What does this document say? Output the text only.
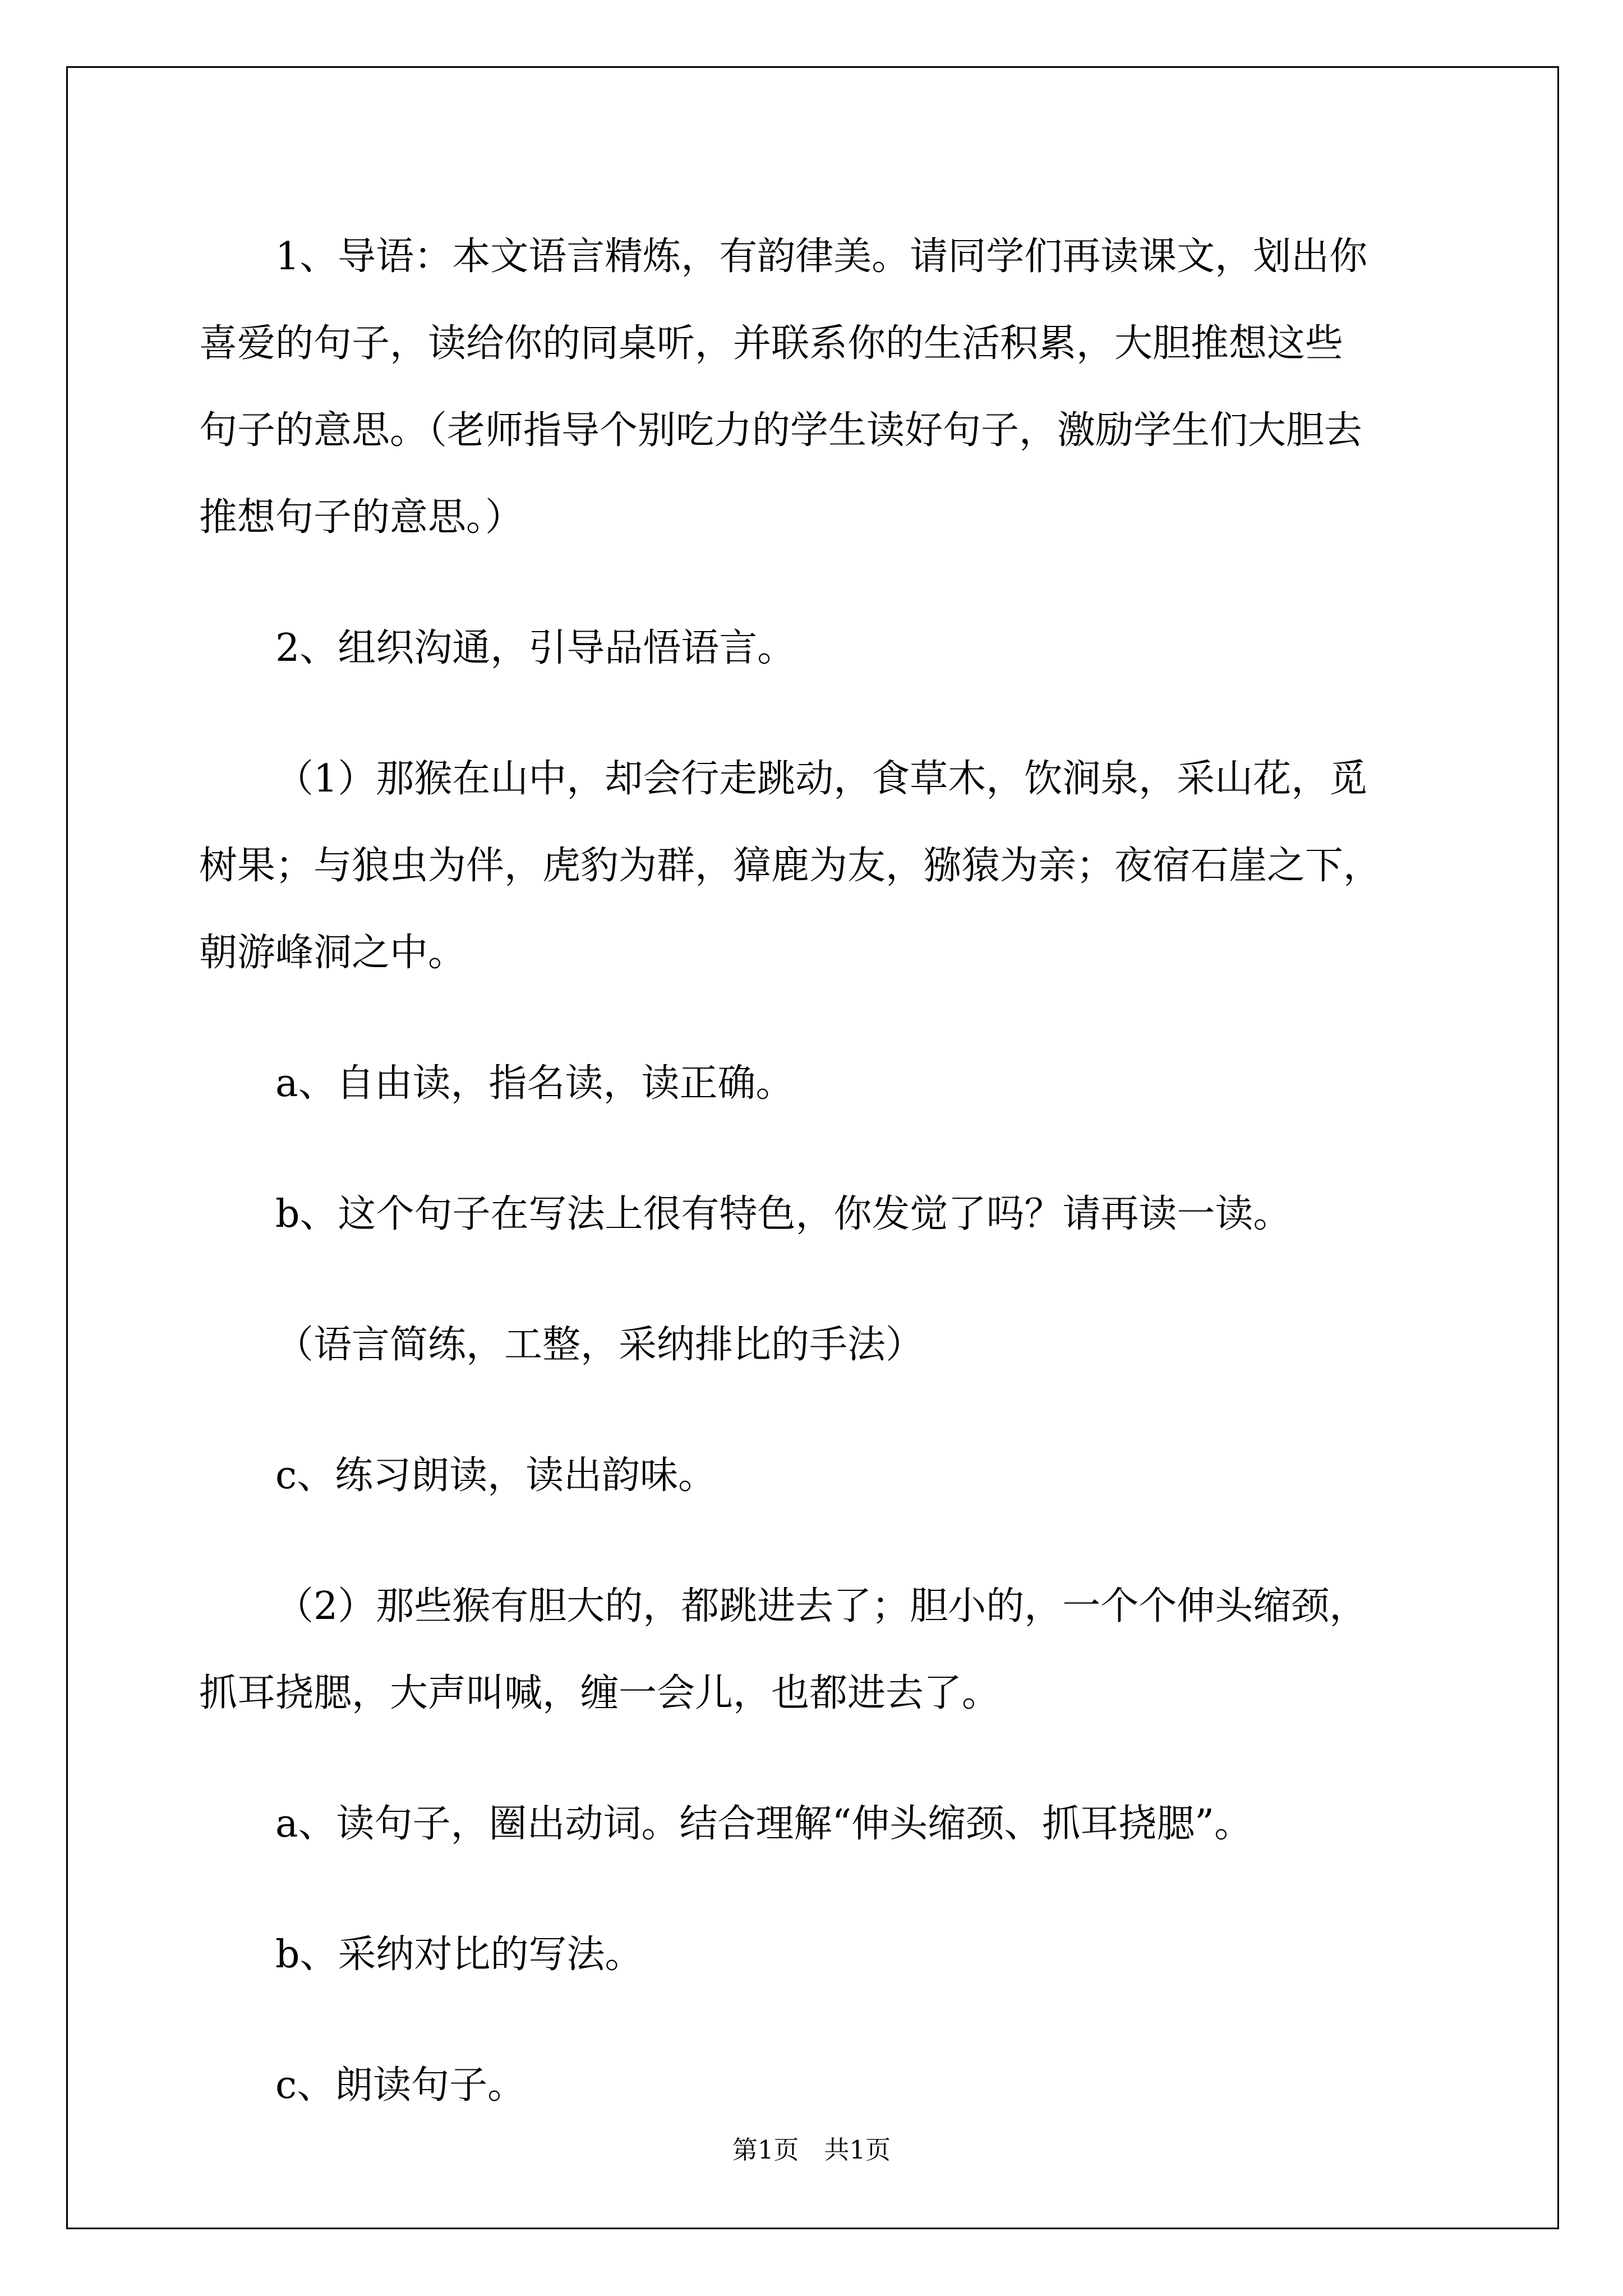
1、导语：本文语言精炼，有韵律美。请同学们再读课文，划出你
喜爱的句子，读给你的同桌听，并联系你的生活积累，大胆推想这些
句子的意思。（老师指导个别吃力的学生读好句子，激励学生们大胆去
推想句子的意思。）
2、组织沟通，引导品悟语言。
（1）那猴在山中，却会行走跳动，食草木，饮涧泉，采山花，觅
树果；与狼虫为伴，虎豹为群，獐鹿为友，猕猿为亲；夜宿石崖之下，
朝游峰洞之中。
a、自由读，指名读，读正确。
b、这个句子在写法上很有特色，你发觉了吗？请再读一读。
（语言简练，工整，采纳排比的手法）
c、练习朗读，读出韵味。
（2）那些猴有胆大的，都跳进去了；胆小的，一个个伸头缩颈，
抓耳挠腮，大声叫喊，缠一会儿，也都进去了。
a、读句子，圈出动词。结合理解“伸头缩颈、抓耳挠腮”。
b、采纳对比的写法。
c、朗读句子。
第1页　共1页
